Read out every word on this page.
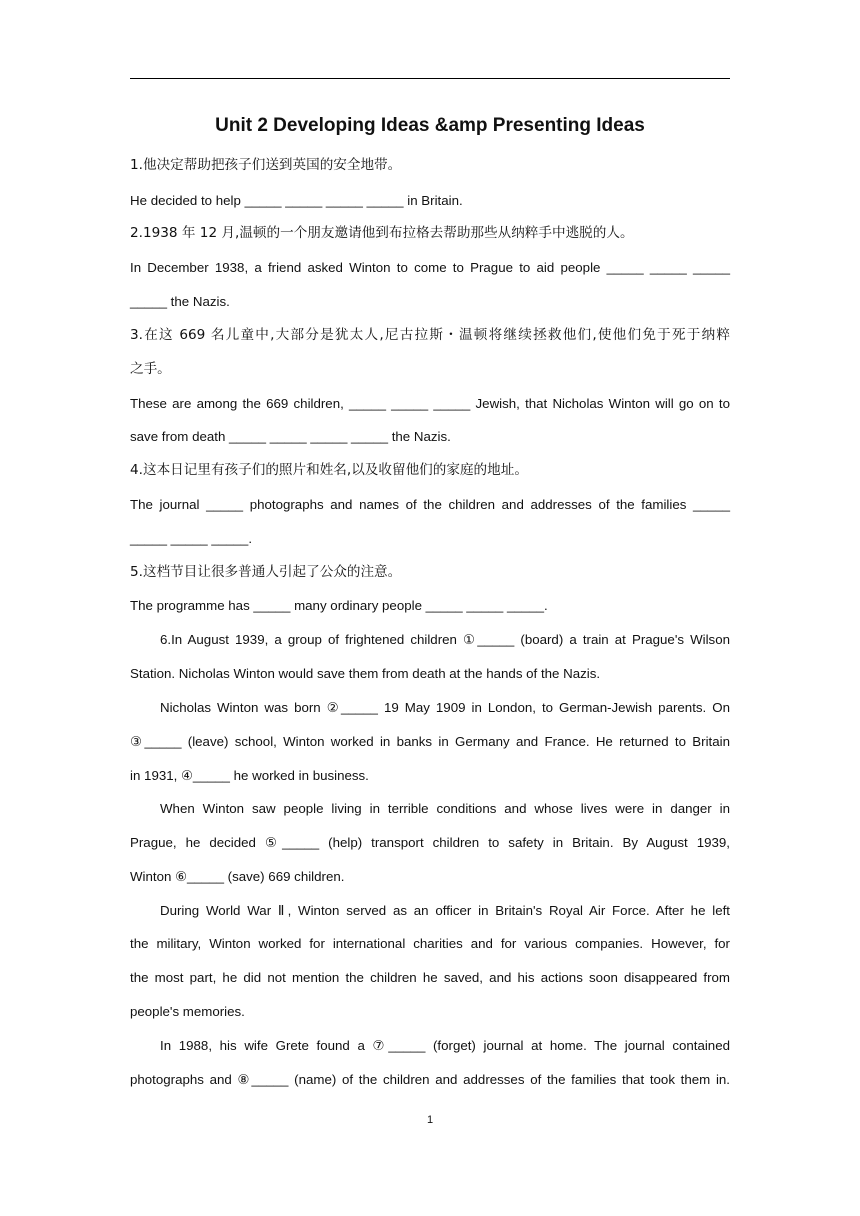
Unit 2 Developing Ideas &amp Presenting Ideas
1.他决定帮助把孩子们送到英国的安全地带。
He decided to help _____ _____ _____ _____ in Britain.
2.1938 年 12 月,温顿的一个朋友邀请他到布拉格去帮助那些从纳粹手中逃脱的人。
In December 1938, a friend asked Winton to come to Prague to aid people _____ _____ _____
_____ the Nazis.
3.在这 669 名儿童中,大部分是犹太人,尼古拉斯・温顿将继续拯救他们,使他们免于死于纳粹
之手。
These are among the 669 children, _____ _____ _____ Jewish, that Nicholas Winton will go on to
save from death _____ _____ _____ _____ the Nazis.
4.这本日记里有孩子们的照片和姓名,以及收留他们的家庭的地址。
The journal _____ photographs and names of the children and addresses of the families _____
_____ _____ _____.
5.这档节目让很多普通人引起了公众的注意。
The programme has _____ many ordinary people _____ _____ _____.
6.In August 1939, a group of frightened children ①_____ (board) a train at Prague's Wilson
Station. Nicholas Winton would save them from death at the hands of the Nazis.
Nicholas Winton was born ②_____ 19 May 1909 in London, to German-Jewish parents. On
③_____ (leave) school, Winton worked in banks in Germany and France. He returned to Britain
in 1931, ④_____ he worked in business.
When Winton saw people living in terrible conditions and whose lives were in danger in
Prague, he decided ⑤_____ (help) transport children to safety in Britain. By August 1939,
Winton ⑥_____ (save) 669 children.
During World War Ⅱ, Winton served as an officer in Britain's Royal Air Force. After he left
the military, Winton worked for international charities and for various companies. However, for
the most part, he did not mention the children he saved, and his actions soon disappeared from
people's memories.
In 1988, his wife Grete found a ⑦_____ (forget) journal at home. The journal contained
photographs and ⑧_____ (name) of the children and addresses of the families that took them in.
1
